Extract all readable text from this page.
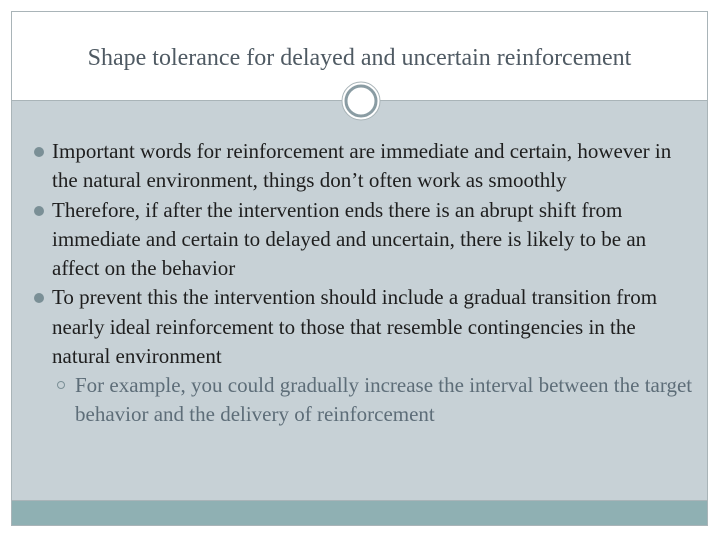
Shape tolerance for delayed and uncertain reinforcement
Important words for reinforcement are immediate and certain, however in the natural environment, things don’t often work as smoothly
Therefore, if after the intervention ends there is an abrupt shift from immediate and certain to delayed and uncertain, there is likely to be an affect on the behavior
To prevent this the intervention should include a gradual transition from nearly ideal reinforcement to those that resemble contingencies in the natural environment
For example, you could gradually increase the interval between the target behavior and the delivery of reinforcement
